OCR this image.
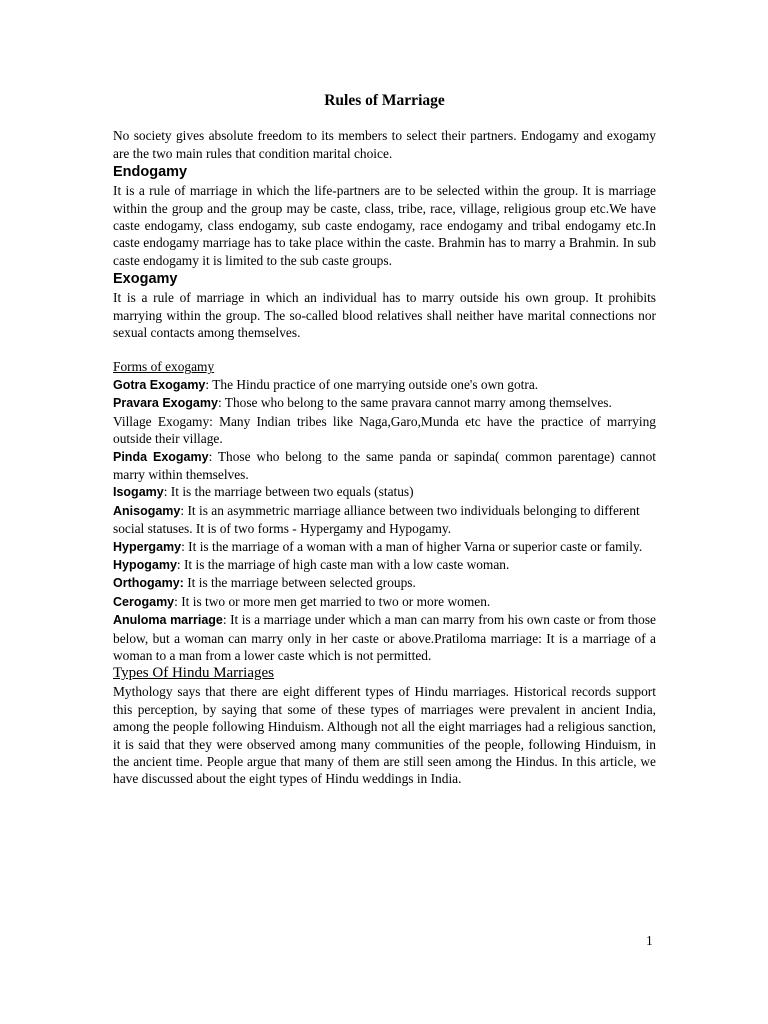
Rules of Marriage

No society gives absolute freedom to its members to select their partners. Endogamy and exogamy are the two main rules that condition marital choice.

Endogamy

It is a rule of marriage in which the life-partners are to be selected within the group. It is marriage within the group and the group may be caste, class, tribe, race, village, religious group etc.We have caste endogamy, class endogamy, sub caste endogamy, race endogamy and tribal endogamy etc.In caste endogamy marriage has to take place within the caste. Brahmin has to marry a Brahmin. In sub caste endogamy it is limited to the sub caste groups.

Exogamy

It is a rule of marriage in which an individual has to marry outside his own group. It prohibits marrying within the group. The so-called blood relatives shall neither have marital connections nor sexual contacts among themselves.

Forms of exogamy

Gotra Exogamy: The Hindu practice of one marrying outside one's own gotra.

Pravara Exogamy: Those who belong to the same pravara cannot marry among themselves.

Village Exogamy: Many Indian tribes like Naga,Garo,Munda etc have the practice of marrying outside their village.

Pinda Exogamy: Those who belong to the same panda or sapinda( common parentage) cannot marry within themselves.

Isogamy: It is the marriage between two equals (status)

Anisogamy: It is an asymmetric marriage alliance between two individuals belonging to different

social statuses. It is of two forms - Hypergamy and Hypogamy.

Hypergamy: It is the marriage of a woman with a man of higher Varna or superior caste or family.

Hypogamy: It is the marriage of high caste man with a low caste woman.

Orthogamy: It is the marriage between selected groups.

Cerogamy: It is two or more men get married to two or more women.

Anuloma marriage: It is a marriage under which a man can marry from his own caste or from those below, but a woman can marry only in her caste or above.Pratiloma marriage: It is a marriage of a woman to a man from a lower caste which is not permitted.

Types Of Hindu Marriages

Mythology says that there are eight different types of Hindu marriages. Historical records support this perception, by saying that some of these types of marriages were prevalent in ancient India, among the people following Hinduism. Although not all the eight marriages had a religious sanction, it is said that they were observed among many communities of the people, following Hinduism, in the ancient time. People argue that many of them are still seen among the Hindus. In this article, we have discussed about the eight types of Hindu weddings in India.

1
